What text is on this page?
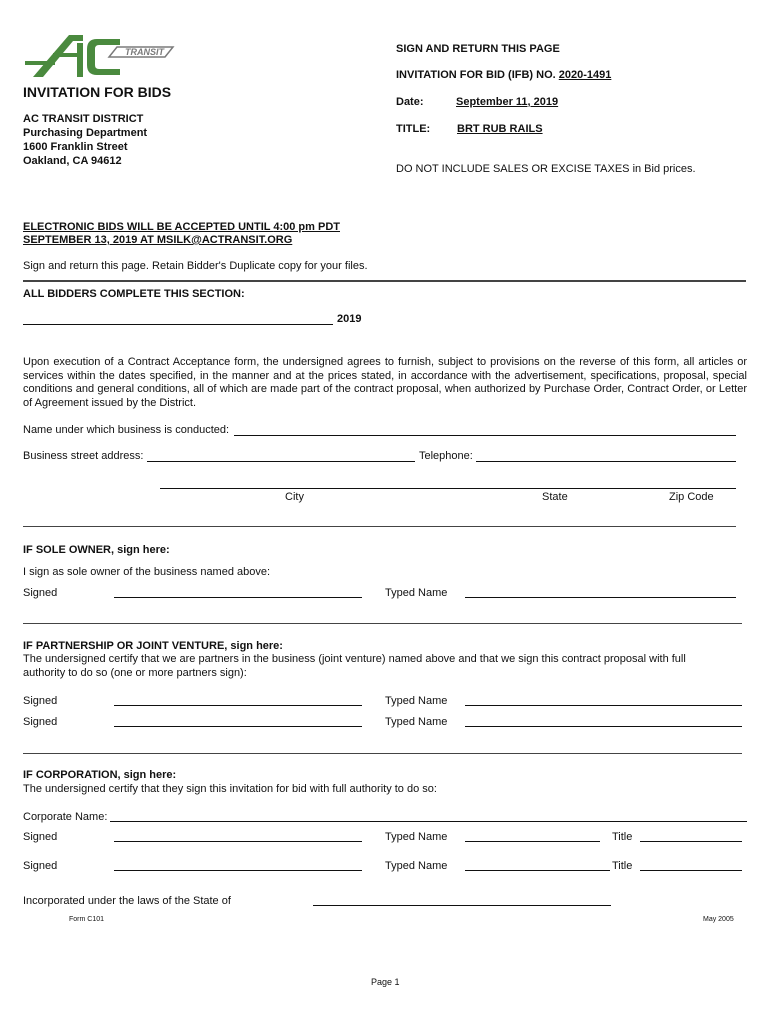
TRANSIT	SIGN AND RETURN THIS PAGE
INVITATION FOR BID (IFB) NO. 2020-1491
INVITATION FOR BIDS
Date:	September 11, 2019
TITLE: BRT RUB RAILS
DO NOT INCLUDE SALES OR EXCISE TAXES in Bid prices.
AC TRANSIT DISTRICT
Purchasing Department
1600 Franklin Street
Oakland, CA 94612
ELECTRONIC BIDS WILL BE ACCEPTED UNTIL 4:00 pm PDT
SEPTEMBER 13, 2019 AT MSILK@ACTRANSIT.ORG
Sign and return this page. Retain Bidder's Duplicate copy for your files.
ALL BIDDERS COMPLETE THIS SECTION:
2019
Upon execution of a Contract Acceptance form, the undersigned agrees to furnish, subject to provisions on the reverse of this form, all articles or services within the dates specified, in the manner and at the prices stated, in accordance with the advertisement, specifications, proposal, special conditions and general conditions, all of which are made part of the contract proposal, when authorized by Purchase Order, Contract Order, or Letter of Agreement issued by the District.
Name under which business is conducted:
Business street address:	Telephone:
City	State	Zip Code
IF SOLE OWNER, sign here:
I sign as sole owner of the business named above:
Signed	Typed Name
IF PARTNERSHIP OR JOINT VENTURE, sign here:
The undersigned certify that we are partners in the business (joint venture) named above and that we sign this contract proposal with full authority to do so (one or more partners sign):
Signed	Typed Name
Signed	Typed Name
IF CORPORATION, sign here:
The undersigned certify that they sign this invitation for bid with full authority to do so:
Corporate Name:
Signed	Typed Name	Title
Signed	Typed Name	Title
Incorporated under the laws of the State of
Form C101	May 2005
Page 1
